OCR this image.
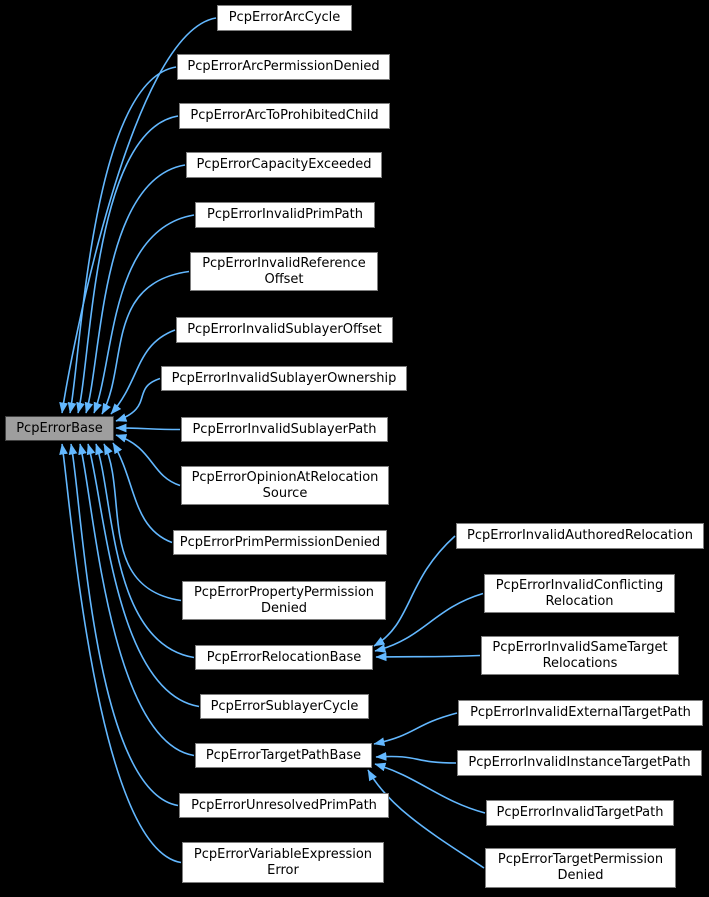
PcpErrorBase
PcpErrorArcCycle
PcpErrorArcPermissionDenied
PcpErrorArcToProhibitedChild
PcpErrorCapacityExceeded
PcpErrorInvalidPrimPath
PcpErrorInvalidReference
Offset
PcpErrorInvalidSublayerOffset
PcpErrorInvalidSublayerOwnership
PcpErrorInvalidSublayerPath
PcpErrorOpinionAtRelocation
Source
PcpErrorPrimPermissionDenied
PcpErrorPropertyPermission
Denied
PcpErrorRelocationBase
PcpErrorSublayerCycle
PcpErrorTargetPathBase
PcpErrorUnresolvedPrimPath
PcpErrorVariableExpression
Error
PcpErrorInvalidAuthoredRelocation
PcpErrorInvalidConflicting
Relocation
PcpErrorInvalidSameTarget
Relocations
PcpErrorInvalidExternalTargetPath
PcpErrorInvalidInstanceTargetPath
PcpErrorInvalidTargetPath
PcpErrorTargetPermission
Denied
